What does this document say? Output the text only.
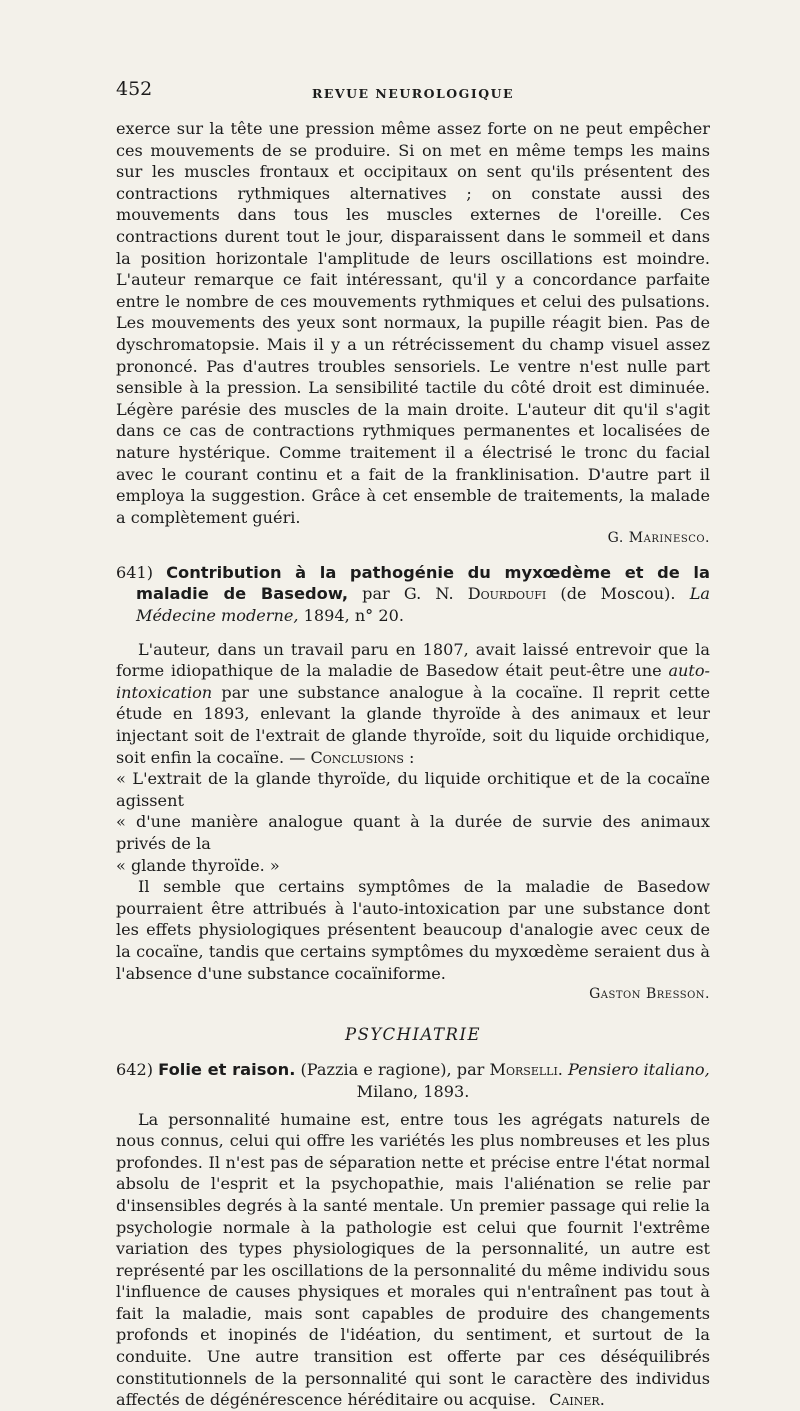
452	REVUE NEUROLOGIQUE

exerce sur la tête une pression même assez forte on ne peut empêcher ces mouvements de se produire. Si on met en même temps les mains sur les muscles frontaux et occipitaux on sent qu'ils présentent des contractions rythmiques alternatives ; on constate aussi des mouvements dans tous les muscles externes de l'oreille. Ces contractions durent tout le jour, disparaissent dans le sommeil et dans la position horizontale l'amplitude de leurs oscillations est moindre. L'auteur remarque ce fait intéressant, qu'il y a concordance parfaite entre le nombre de ces mouvements rythmiques et celui des pulsations. Les mouvements des yeux sont normaux, la pupille réagit bien. Pas de dyschromatopsie. Mais il y a un rétrécissement du champ visuel assez prononcé. Pas d'autres troubles sensoriels. Le ventre n'est nulle part sensible à la pression. La sensibilité tactile du côté droit est diminuée. Légère parésie des muscles de la main droite. L'auteur dit qu'il s'agit dans ce cas de contractions rythmiques permanentes et localisées de nature hystérique. Comme traitement il a électrisé le tronc du facial avec le courant continu et a fait de la franklinisation. D'autre part il employa la suggestion. Grâce à cet ensemble de traitements, la malade a complètement guéri.

G. Marinesco.

641) Contribution à la pathogénie du myxœdème et de la maladie de Basedow, par G. N. Dourdoufi (de Moscou). La Médecine moderne, 1894, n° 20.

L'auteur, dans un travail paru en 1807, avait laissé entrevoir que la forme idiopathique de la maladie de Basedow était peut-être une auto-intoxication par une substance analogue à la cocaïne. Il reprit cette étude en 1893, enlevant la glande thyroïde à des animaux et leur injectant soit de l'extrait de glande thyroïde, soit du liquide orchidique, soit enfin la cocaïne. — Conclusions :

« L'extrait de la glande thyroïde, du liquide orchitique et de la cocaïne agissent

« d'une manière analogue quant à la durée de survie des animaux privés de la

« glande thyroïde. »

Il semble que certains symptômes de la maladie de Basedow pourraient être attribués à l'auto-intoxication par une substance dont les effets physiologiques présentent beaucoup d'analogie avec ceux de la cocaïne, tandis que certains symptômes du myxœdème seraient dus à l'absence d'une substance cocaïniforme.

Gaston Bresson.

PSYCHIATRIE

642) Folie et raison. (Pazzia e ragione), par Morselli. Pensiero italiano,

Milano, 1893.

La personnalité humaine est, entre tous les agrégats naturels de nous connus, celui qui offre les variétés les plus nombreuses et les plus profondes. Il n'est pas de séparation nette et précise entre l'état normal absolu de l'esprit et la psychopathie, mais l'aliénation se relie par d'insensibles degrés à la santé mentale. Un premier passage qui relie la psychologie normale à la pathologie est celui que fournit l'extrême variation des types physiologiques de la personnalité, un autre est représenté par les oscillations de la personnalité du même individu sous l'influence de causes physiques et morales qui n'entraînent pas tout à fait la maladie, mais sont capables de produire des changements profonds et inopinés de l'idéation, du sentiment, et surtout de la conduite. Une autre transition est offerte par ces déséquilibrés constitutionnels de la personnalité qui sont le caractère des individus affectés de dégénérescence héréditaire ou acquise. Cainer.
